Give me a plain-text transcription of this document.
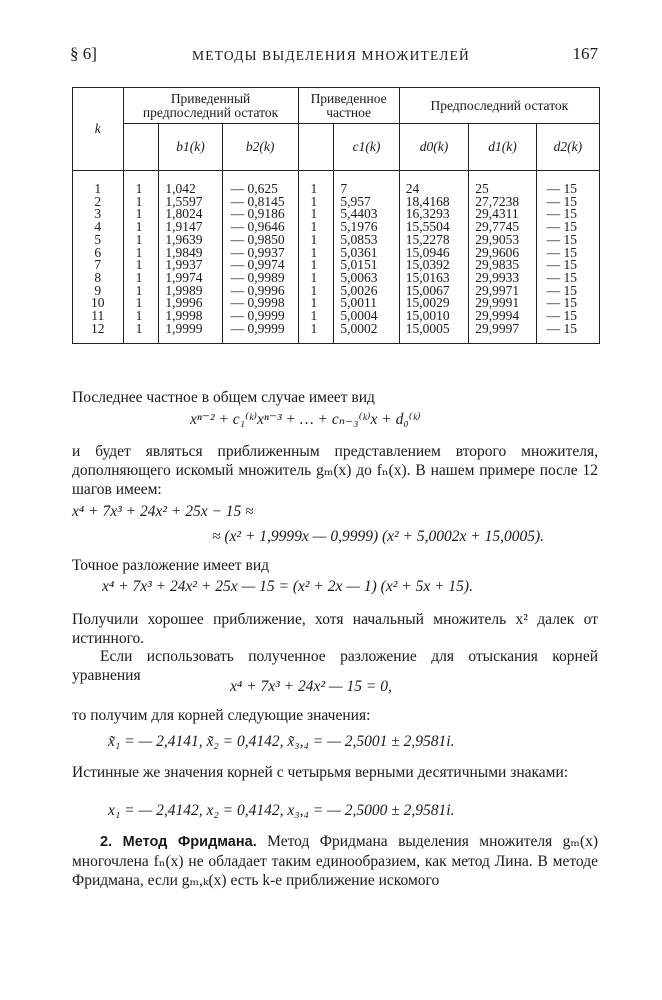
§ 6]	МЕТОДЫ ВЫДЕЛЕНИЯ МНОЖИТЕЛЕЙ	167
k	Приведенный предпоследний остаток			Приведенное частное		Предпоследний остаток		
		b1(k)	b2(k)		c1(k)	d0(k)	d1(k)	d2(k)

1	1	1,042	— 0,625	1	7	24	25	— 15
2	1	1,5597	— 0,8145	1	5,957	18,4168	27,7238	— 15
3	1	1,8024	— 0,9186	1	5,4403	16,3293	29,4311	— 15
4	1	1,9147	— 0,9646	1	5,1976	15,5504	29,7745	— 15
5	1	1,9639	— 0,9850	1	5,0853	15,2278	29,9053	— 15
6	1	1,9849	— 0,9937	1	5,0361	15,0946	29,9606	— 15
7	1	1,9937	— 0,9974	1	5,0151	15,0392	29,9835	— 15
8	1	1,9974	— 0,9989	1	5,0063	15,0163	29,9933	— 15
9	1	1,9989	— 0,9996	1	5,0026	15,0067	29,9971	— 15
10	1	1,9996	— 0,9998	1	5,0011	15,0029	29,9991	— 15
11	1	1,9998	— 0,9999	1	5,0004	15,0010	29,9994	— 15
12	1	1,9999	— 0,9999	1	5,0002	15,0005	29,9997	— 15
Последнее частное в общем случае имеет вид
xⁿ⁻² + c₁⁽ᵏ⁾xⁿ⁻³ + … + cₙ₋₃⁽ᵏ⁾x + d₀⁽ᵏ⁾
и будет являться приближенным представлением второго множителя, дополняющего искомый множитель gₘ(x) до fₙ(x). В нашем примере после 12 шагов имеем:
x⁴ + 7x³ + 24x² + 25x − 15 ≈
≈ (x² + 1,9999x — 0,9999) (x² + 5,0002x + 15,0005).
Точное разложение имеет вид
x⁴ + 7x³ + 24x² + 25x — 15 = (x² + 2x — 1) (x² + 5x + 15).
Получили хорошее приближение, хотя начальный множитель x² далек от истинного.
Если использовать полученное разложение для отыскания корней уравнения
x⁴ + 7x³ + 24x² — 15 = 0,
то получим для корней следующие значения:
x̃₁ = — 2,4141, x̃₂ = 0,4142, x̃₃,₄ = — 2,5001 ± 2,9581i.
Истинные же значения корней с четырьмя верными десятичными знаками:
x₁ = — 2,4142, x₂ = 0,4142, x₃,₄ = — 2,5000 ± 2,9581i.
2. Метод Фридмана. Метод Фридмана выделения множителя gₘ(x) многочлена fₙ(x) не обладает таким единообразием, как метод Лина. В методе Фридмана, если gₘ,ₖ(x) есть k-е приближение искомого
